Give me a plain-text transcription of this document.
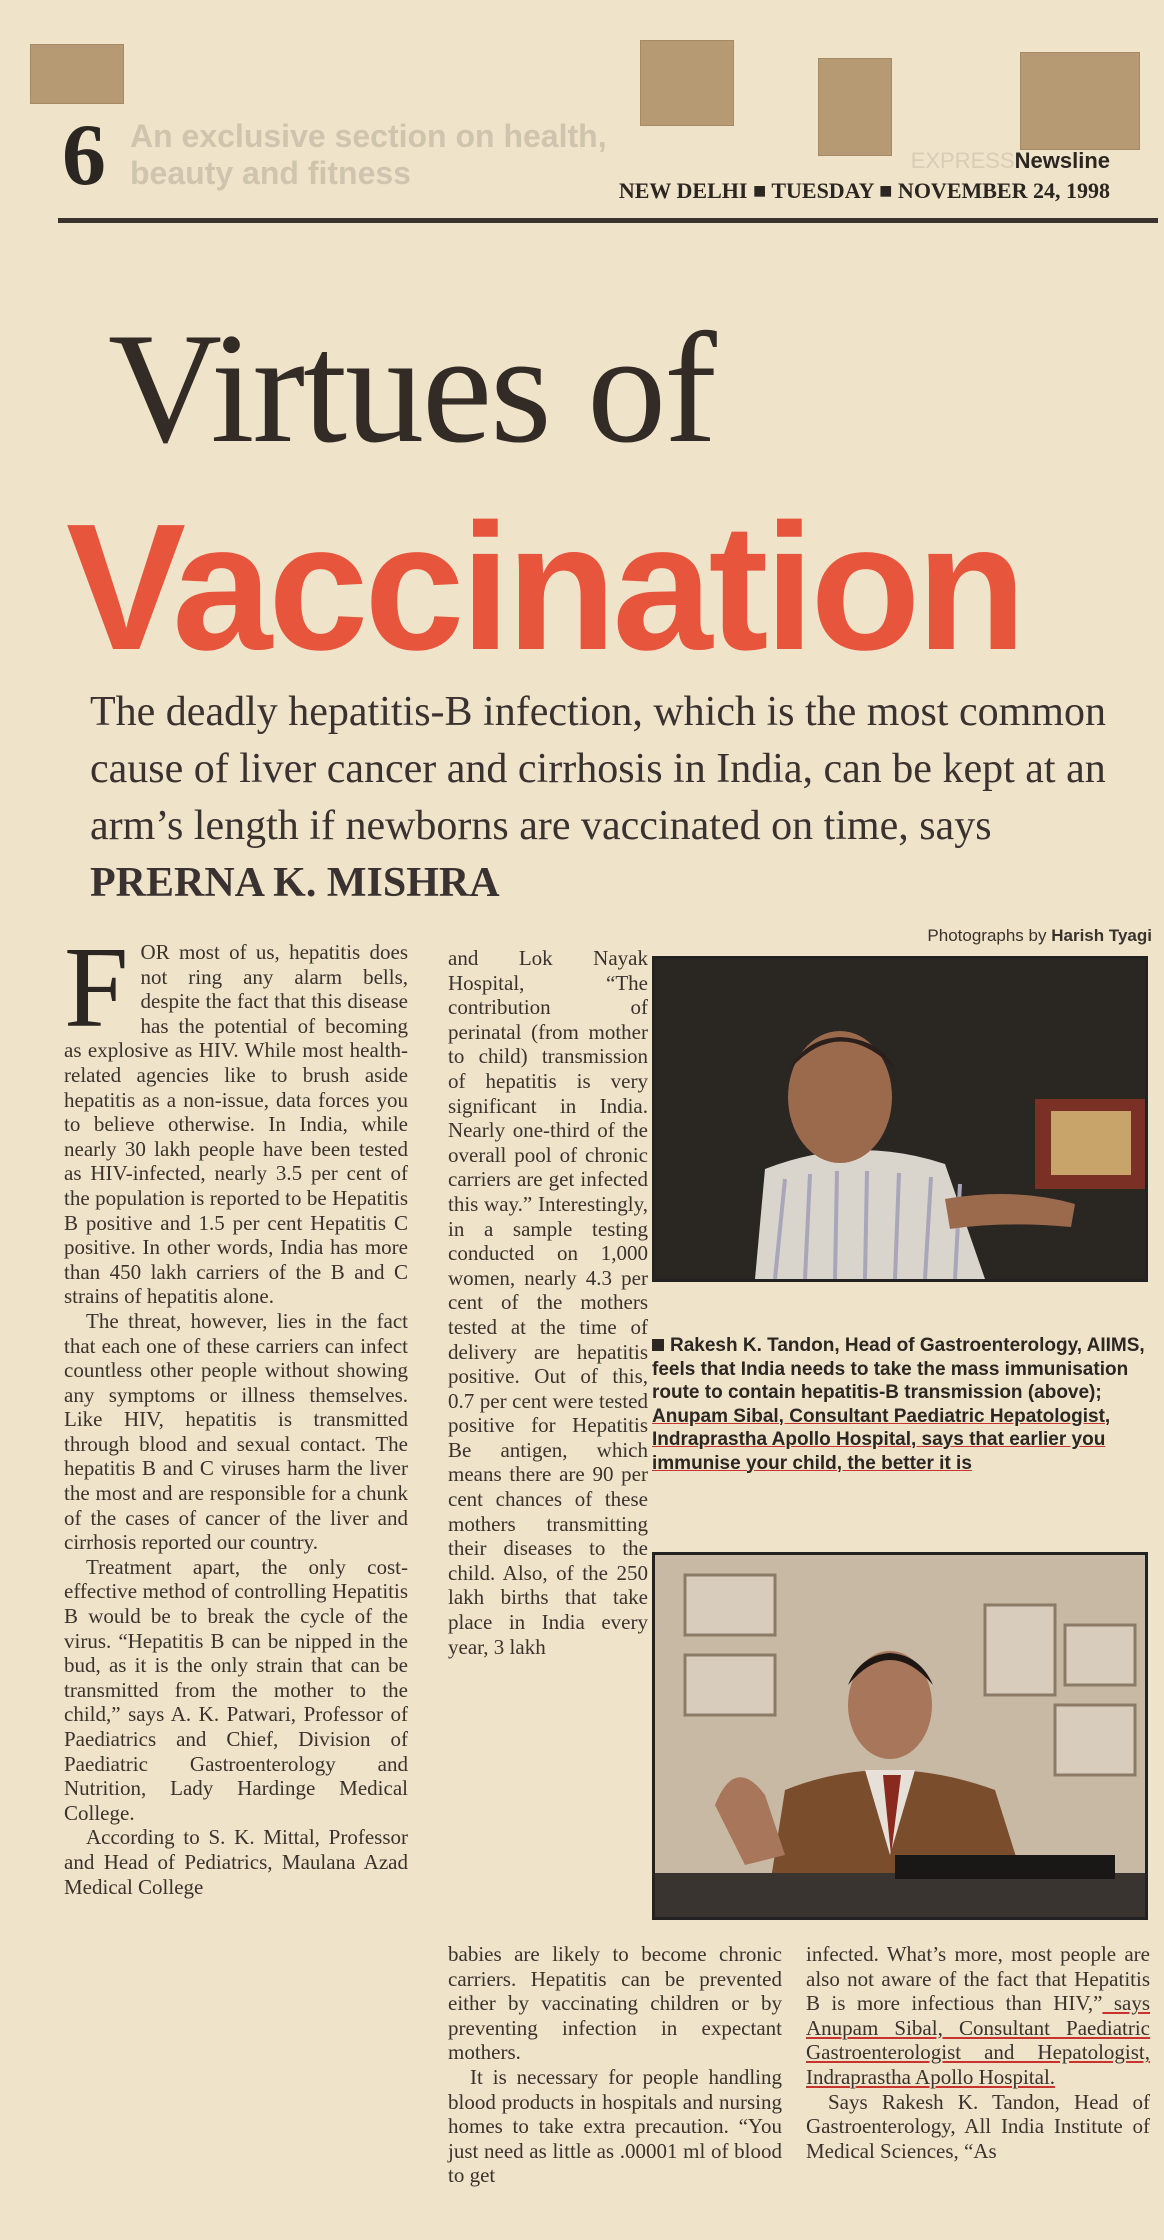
6 An exclusive section on health,
beauty and fitness	EXPRESSNewsline
NEW DELHI ■ TUESDAY ■ NOVEMBER 24, 1998
Virtues of
Vaccination
The deadly hepatitis-B infection, which is the most common cause of liver cancer and cirrhosis in India, can be kept at an arm’s length if newborns are vaccinated on time, says PRERNA K. MISHRA
Photographs by Harish Tyagi

FOR most of us, hepatitis does not ring any alarm bells, despite the fact that this disease has the potential of becoming as explosive as HIV. While most health-related agencies like to brush aside hepatitis as a non-issue, data forces you to believe otherwise. In India, while nearly 30 lakh people have been tested as HIV-infected, nearly 3.5 per cent of the population is reported to be Hepatitis B positive and 1.5 per cent Hepatitis C positive. In other words, India has more than 450 lakh carriers of the B and C strains of hepatitis alone.

The threat, however, lies in the fact that each one of these carriers can infect countless other people without showing any symptoms or illness themselves. Like HIV, hepatitis is transmitted through blood and sexual contact. The hepatitis B and C viruses harm the liver the most and are responsible for a chunk of the cases of cancer of the liver and cirrhosis reported our country.

Treatment apart, the only cost-effective method of controlling Hepatitis B would be to break the cycle of the virus. “Hepatitis B can be nipped in the bud, as it is the only strain that can be transmitted from the mother to the child,” says A. K. Patwari, Professor of Paediatrics and Chief, Division of Paediatric Gastroenterology and Nutrition, Lady Hardinge Medical College.

According to S. K. Mittal, Professor and Head of Pediatrics, Maulana Azad Medical College

and Lok Nayak Hospital, “The contribution of perinatal (from mother to child) transmission of hepatitis is very significant in India. Nearly one-third of the overall pool of chronic carriers are get infected this way.” Interestingly, in a sample testing conducted on 1,000 women, nearly 4.3 per cent of the mothers tested at the time of delivery are hepatitis positive. Out of this, 0.7 per cent were tested positive for Hepatitis Be antigen, which means there are 90 per cent chances of these mothers transmitting their diseases to the child. Also, of the 250 lakh births that take place in India every year, 3 lakh

Rakesh K. Tandon, Head of Gastroenterology, AIIMS, feels that India needs to take the mass immunisation route to contain hepatitis-B transmission (above); Anupam Sibal, Consultant Paediatric Hepatologist, Indraprastha Apollo Hospital, says that earlier you immunise your child, the better it is

babies are likely to become chronic carriers. Hepatitis can be prevented either by vaccinating children or by preventing infection in expectant mothers.

It is necessary for people handling blood products in hospitals and nursing homes to take extra precaution. “You just need as little as .00001 ml of blood to get

infected. What’s more, most people are also not aware of the fact that Hepatitis B is more infectious than HIV,” says Anupam Sibal, Consultant Paediatric Gastroenterologist and Hepatologist, Indraprastha Apollo Hospital.

Says Rakesh K. Tandon, Head of Gastroenterology, All India Institute of Medical Sciences, “As
